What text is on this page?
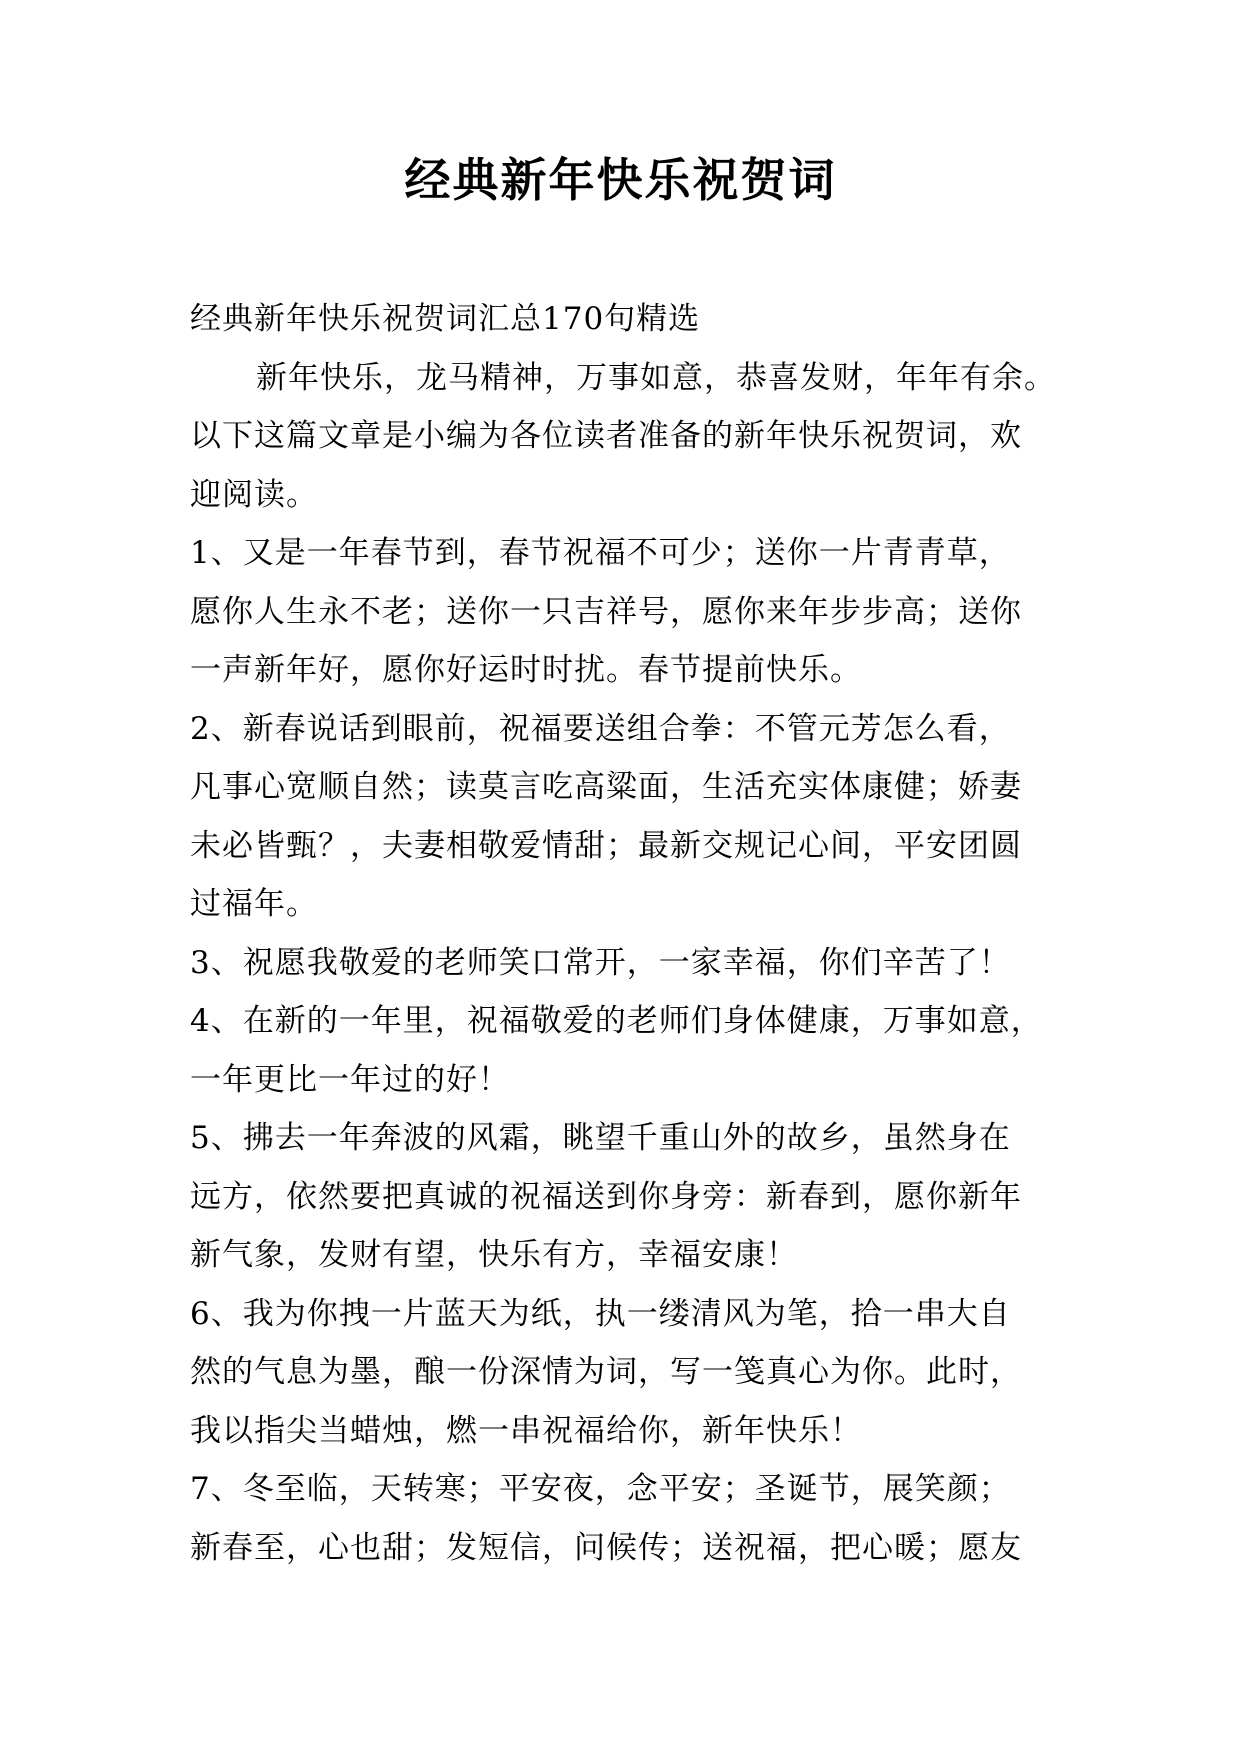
经典新年快乐祝贺词
经典新年快乐祝贺词汇总170句精选
新年快乐，龙马精神，万事如意，恭喜发财，年年有余。
以下这篇文章是小编为各位读者准备的新年快乐祝贺词，欢
迎阅读。
1、又是一年春节到，春节祝福不可少；送你一片青青草，
愿你人生永不老；送你一只吉祥号，愿你来年步步高；送你
一声新年好，愿你好运时时扰。春节提前快乐。
2、新春说话到眼前，祝福要送组合拳：不管元芳怎么看，
凡事心宽顺自然；读莫言吃高粱面，生活充实体康健；娇妻
未必皆甄？，夫妻相敬爱情甜；最新交规记心间，平安团圆
过福年。
3、祝愿我敬爱的老师笑口常开，一家幸福，你们辛苦了！
4、在新的一年里，祝福敬爱的老师们身体健康，万事如意，
一年更比一年过的好！
5、拂去一年奔波的风霜，眺望千重山外的故乡，虽然身在
远方，依然要把真诚的祝福送到你身旁：新春到，愿你新年
新气象，发财有望，快乐有方，幸福安康！
6、我为你拽一片蓝天为纸，执一缕清风为笔，拾一串大自
然的气息为墨，酿一份深情为词，写一笺真心为你。此时，
我以指尖当蜡烛，燃一串祝福给你，新年快乐！
7、冬至临，天转寒；平安夜，念平安；圣诞节，展笑颜；
新春至，心也甜；发短信，问候传；送祝福，把心暖；愿友
